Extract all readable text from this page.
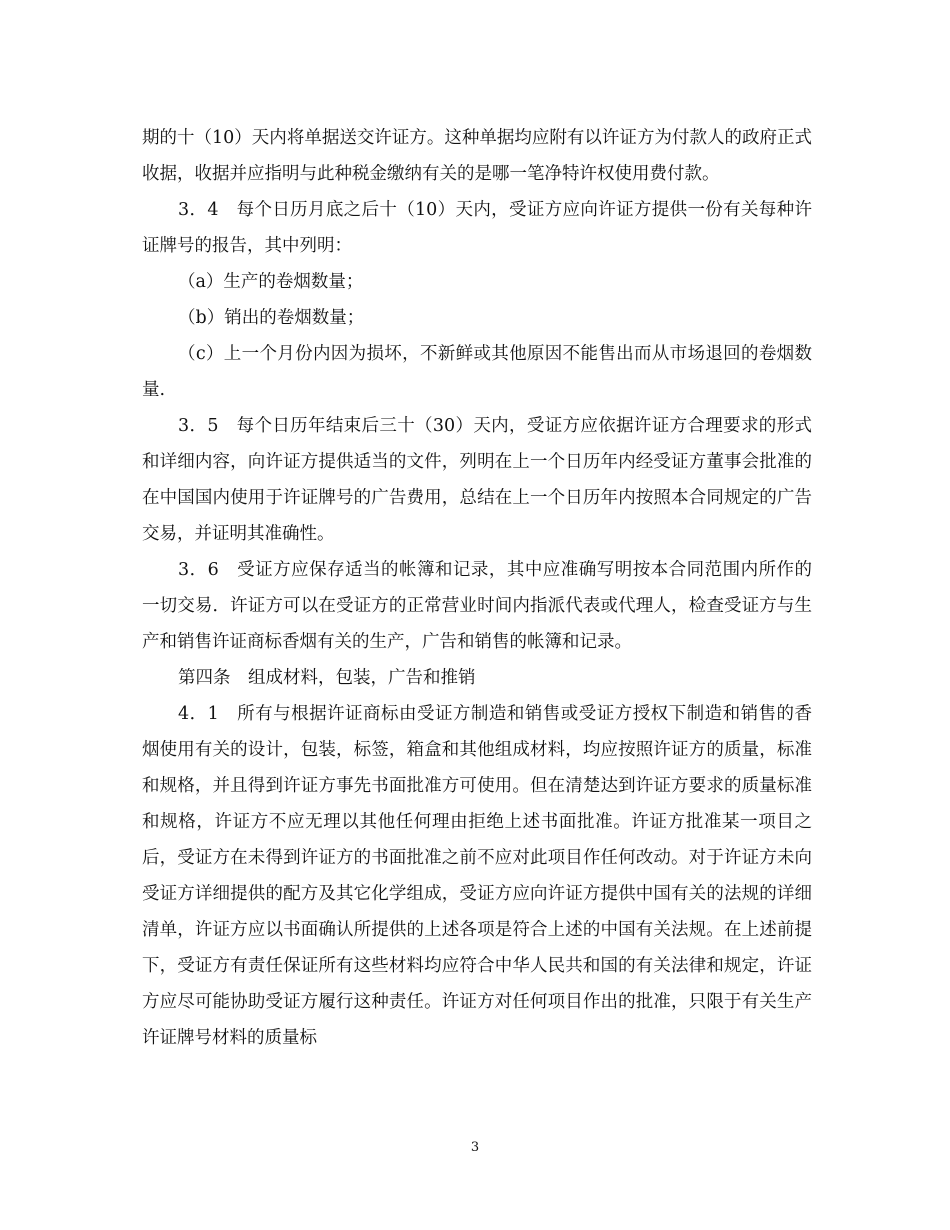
期的十（10）天内将单据送交许证方。这种单据均应附有以许证方为付款人的政府正式收据，收据并应指明与此种税金缴纳有关的是哪一笔净特许权使用费付款。

3．4　每个日历月底之后十（10）天内，受证方应向许证方提供一份有关每种许证牌号的报告，其中列明：

（a）生产的卷烟数量；

（b）销出的卷烟数量；

（c）上一个月份内因为损坏，不新鲜或其他原因不能售出而从市场退回的卷烟数量.

3．5　每个日历年结束后三十（30）天内，受证方应依据许证方合理要求的形式和详细内容，向许证方提供适当的文件，列明在上一个日历年内经受证方董事会批准的在中国国内使用于许证牌号的广告费用，总结在上一个日历年内按照本合同规定的广告交易，并证明其准确性。

3．6　受证方应保存适当的帐簿和记录，其中应准确写明按本合同范围内所作的一切交易．许证方可以在受证方的正常营业时间内指派代表或代理人，检查受证方与生产和销售许证商标香烟有关的生产，广告和销售的帐簿和记录。

第四条　组成材料，包装，广告和推销

4．1　所有与根据许证商标由受证方制造和销售或受证方授权下制造和销售的香烟使用有关的设计，包装，标签，箱盒和其他组成材料，均应按照许证方的质量，标准和规格，并且得到许证方事先书面批准方可使用。但在清楚达到许证方要求的质量标准和规格，许证方不应无理以其他任何理由拒绝上述书面批准。许证方批准某一项目之后，受证方在未得到许证方的书面批准之前不应对此项目作任何改动。对于许证方未向受证方详细提供的配方及其它化学组成，受证方应向许证方提供中国有关的法规的详细清单，许证方应以书面确认所提供的上述各项是符合上述的中国有关法规。在上述前提下，受证方有责任保证所有这些材料均应符合中华人民共和国的有关法律和规定，许证方应尽可能协助受证方履行这种责任。许证方对任何项目作出的批准，只限于有关生产许证牌号材料的质量标

3
